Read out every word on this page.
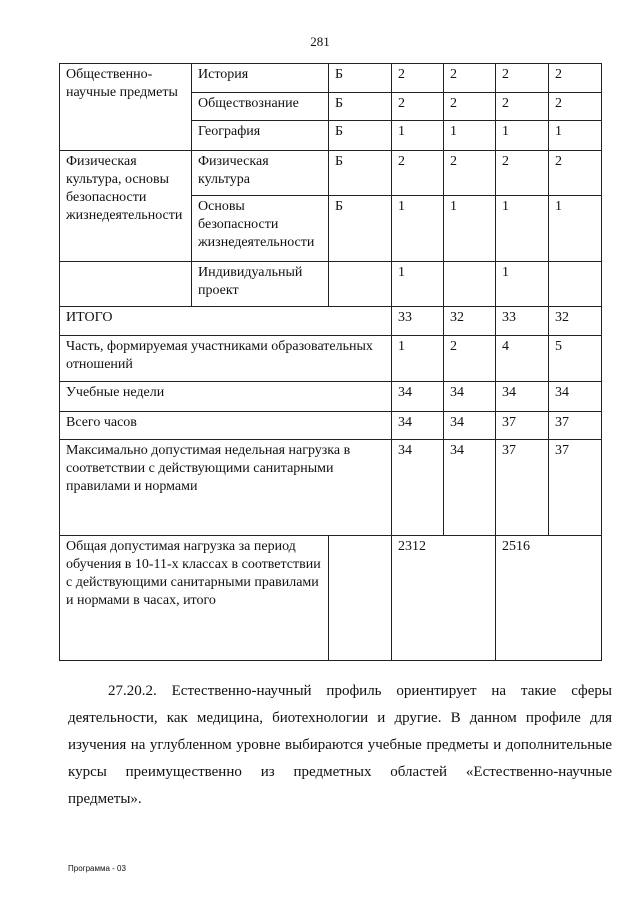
281
Общественно-научные предметы	История	Б	2	2	2	2
	Обществознание	Б	2	2	2	2
	География	Б	1	1	1	1
Физическая культура, основы безопасности жизнедеятельности	Физическая культура	Б	2	2	2	2
	Основы безопасности жизнедеятельности	Б	1	1	1	1
	Индивидуальный проект		1		1	
ИТОГО			33	32	33	32
Часть, формируемая участниками образовательных отношений			1	2	4	5
Учебные недели			34	34	34	34
Всего часов			34	34	37	37
Максимально допустимая недельная нагрузка в соответствии с действующими санитарными правилами и нормами			34	34	37	37
Общая допустимая нагрузка за период обучения в 10-11-х классах в соответствии с действующими санитарными правилами и нормами в часах, итого			2312		2516	

27.20.2. Естественно-научный профиль ориентирует на такие сферы деятельности, как медицина, биотехнологии и другие. В данном профиле для изучения на углубленном уровне выбираются учебные предметы и дополнительные курсы преимущественно из предметных областей «Естественно-научные предметы».

Программа - 03
